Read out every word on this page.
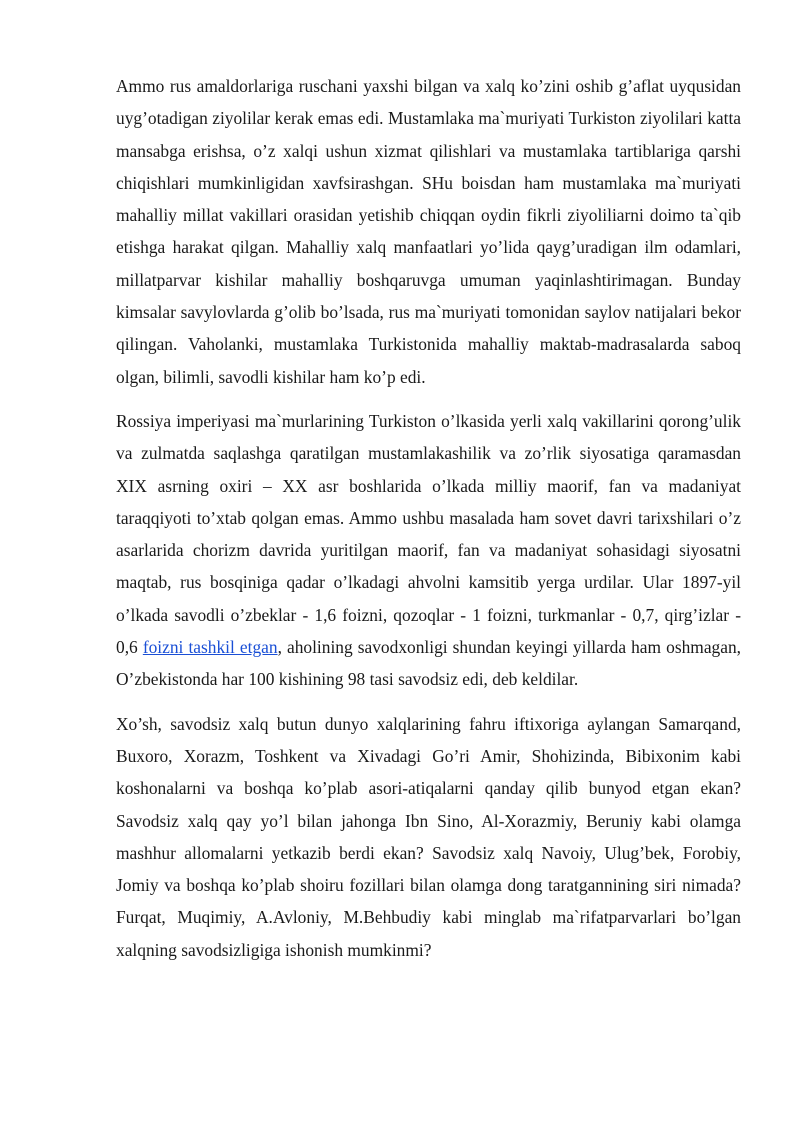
Ammo rus amaldorlariga ruschani yaxshi bilgan va xalq ko’zini oshib g’aflat uyqusidan uyg’otadigan ziyolilar kerak emas edi. Mustamlaka ma`muriyati Turkiston ziyolilari katta mansabga erishsa, o’z xalqi ushun xizmat qilishlari va mustamlaka tartiblariga qarshi chiqishlari mumkinligidan xavfsirashgan. SHu boisdan ham mustamlaka ma`muriyati mahalliy millat vakillari orasidan yetishib chiqqan oydin fikrli ziyoliliarni doimo ta`qib etishga harakat qilgan. Mahalliy xalq manfaatlari yo’lida qayg’uradigan ilm odamlari, millatparvar kishilar mahalliy boshqaruvga umuman yaqinlashtirimagan. Bunday kimsalar savylovlarda g’olib bo’lsada, rus ma`muriyati tomonidan saylov natijalari bekor qilingan. Vaholanki, mustamlaka Turkistonida mahalliy maktab-madrasalarda saboq olgan, bilimli, savodli kishilar ham ko’p edi.

Rossiya imperiyasi ma`murlarining Turkiston o’lkasida yerli xalq vakillarini qorong’ulik va zulmatda saqlashga qaratilgan mustamlakashilik va zo’rlik siyosatiga qaramasdan XIX asrning oxiri – XX asr boshlarida o’lkada milliy maorif, fan va madaniyat taraqqiyoti to’xtab qolgan emas. Ammo ushbu masalada ham sovet davri tarixshilari o’z asarlarida chorizm davrida yuritilgan maorif, fan va madaniyat sohasidagi siyosatni maqtab, rus bosqiniga qadar o’lkadagi ahvolni kamsitib yerga urdilar. Ular 1897-yil o’lkada savodli o’zbeklar - 1,6 foizni, qozoqlar - 1 foizni, turkmanlar - 0,7, qirg’izlar - 0,6 foizni tashkil etgan, aholining savodxonligi shundan keyingi yillarda ham oshmagan, O’zbekistonda har 100 kishining 98 tasi savodsiz edi, deb keldilar.

Xo’sh, savodsiz xalq butun dunyo xalqlarining fahru iftixoriga aylangan Samarqand, Buxoro, Xorazm, Toshkent va Xivadagi Go’ri Amir, Shohizinda, Bibixonim kabi koshonalarni va boshqa ko’plab asori-atiqalarni qanday qilib bunyod etgan ekan? Savodsiz xalq qay yo’l bilan jahonga Ibn Sino, Al-Xorazmiy, Beruniy kabi olamga mashhur allomalarni yetkazib berdi ekan? Savodsiz xalq Navoiy, Ulug’bek, Forobiy, Jomiy va boshqa ko’plab shoiru fozillari bilan olamga dong taratgannining siri nimada? Furqat, Muqimiy, A.Avloniy, M.Behbudiy kabi minglab ma`rifatparvarlari bo’lgan xalqning savodsizligiga ishonish mumkinmi?
